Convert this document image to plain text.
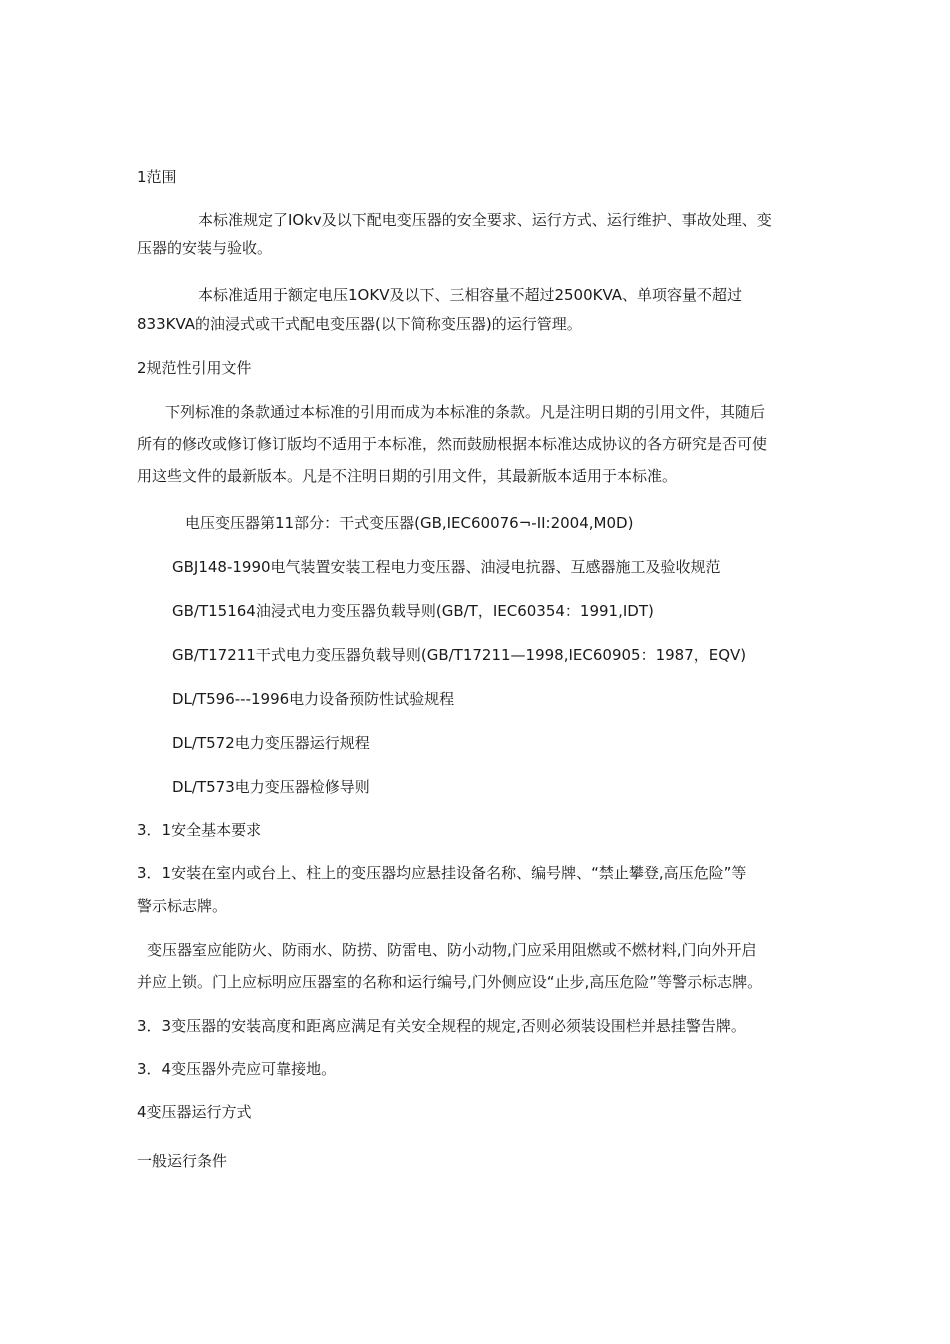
1范围
本标准规定了IOkv及以下配电变压器的安全要求、运行方式、运行维护、事故处理、变
压器的安装与验收。
本标准适用于额定电压1OKV及以下、三相容量不超过2500KVA、单项容量不超过
833KVA的油浸式或干式配电变压器(以下简称变压器)的运行管理。
2规范性引用文件
下列标准的条款通过本标准的引用而成为本标准的条款。凡是注明日期的引用文件，其随后
所有的修改或修订修订版均不适用于本标准，然而鼓励根据本标准达成协议的各方研究是否可使
用这些文件的最新版本。凡是不注明日期的引用文件，其最新版本适用于本标准。
电压变压器第11部分：干式变压器(GB,IEC60076¬-II:2004,M0D)
GBJ148-1990电气装置安装工程电力变压器、油浸电抗器、互感器施工及验收规范
GB/T15164油浸式电力变压器负载导则(GB/T，IEC60354：1991,IDT)
GB/T17211干式电力变压器负载导则(GB/T17211—1998,IEC60905：1987，EQV)
DL/T596---1996电力设备预防性试验规程
DL/T572电力变压器运行规程
DL/T573电力变压器检修导则
3．1安全基本要求
3．1安装在室内或台上、柱上的变压器均应悬挂设备名称、编号牌、“禁止攀登,高压危险”等
警示标志牌。
变压器室应能防火、防雨水、防捞、防雷电、防小动物,门应采用阻燃或不燃材料,门向外开启
并应上锁。门上应标明应压器室的名称和运行编号,门外侧应设“止步,高压危险”等警示标志牌。
3．3变压器的安装高度和距离应满足有关安全规程的规定,否则必须装设围栏并悬挂警告牌。
3．4变压器外壳应可靠接地。
4变压器运行方式
一般运行条件
